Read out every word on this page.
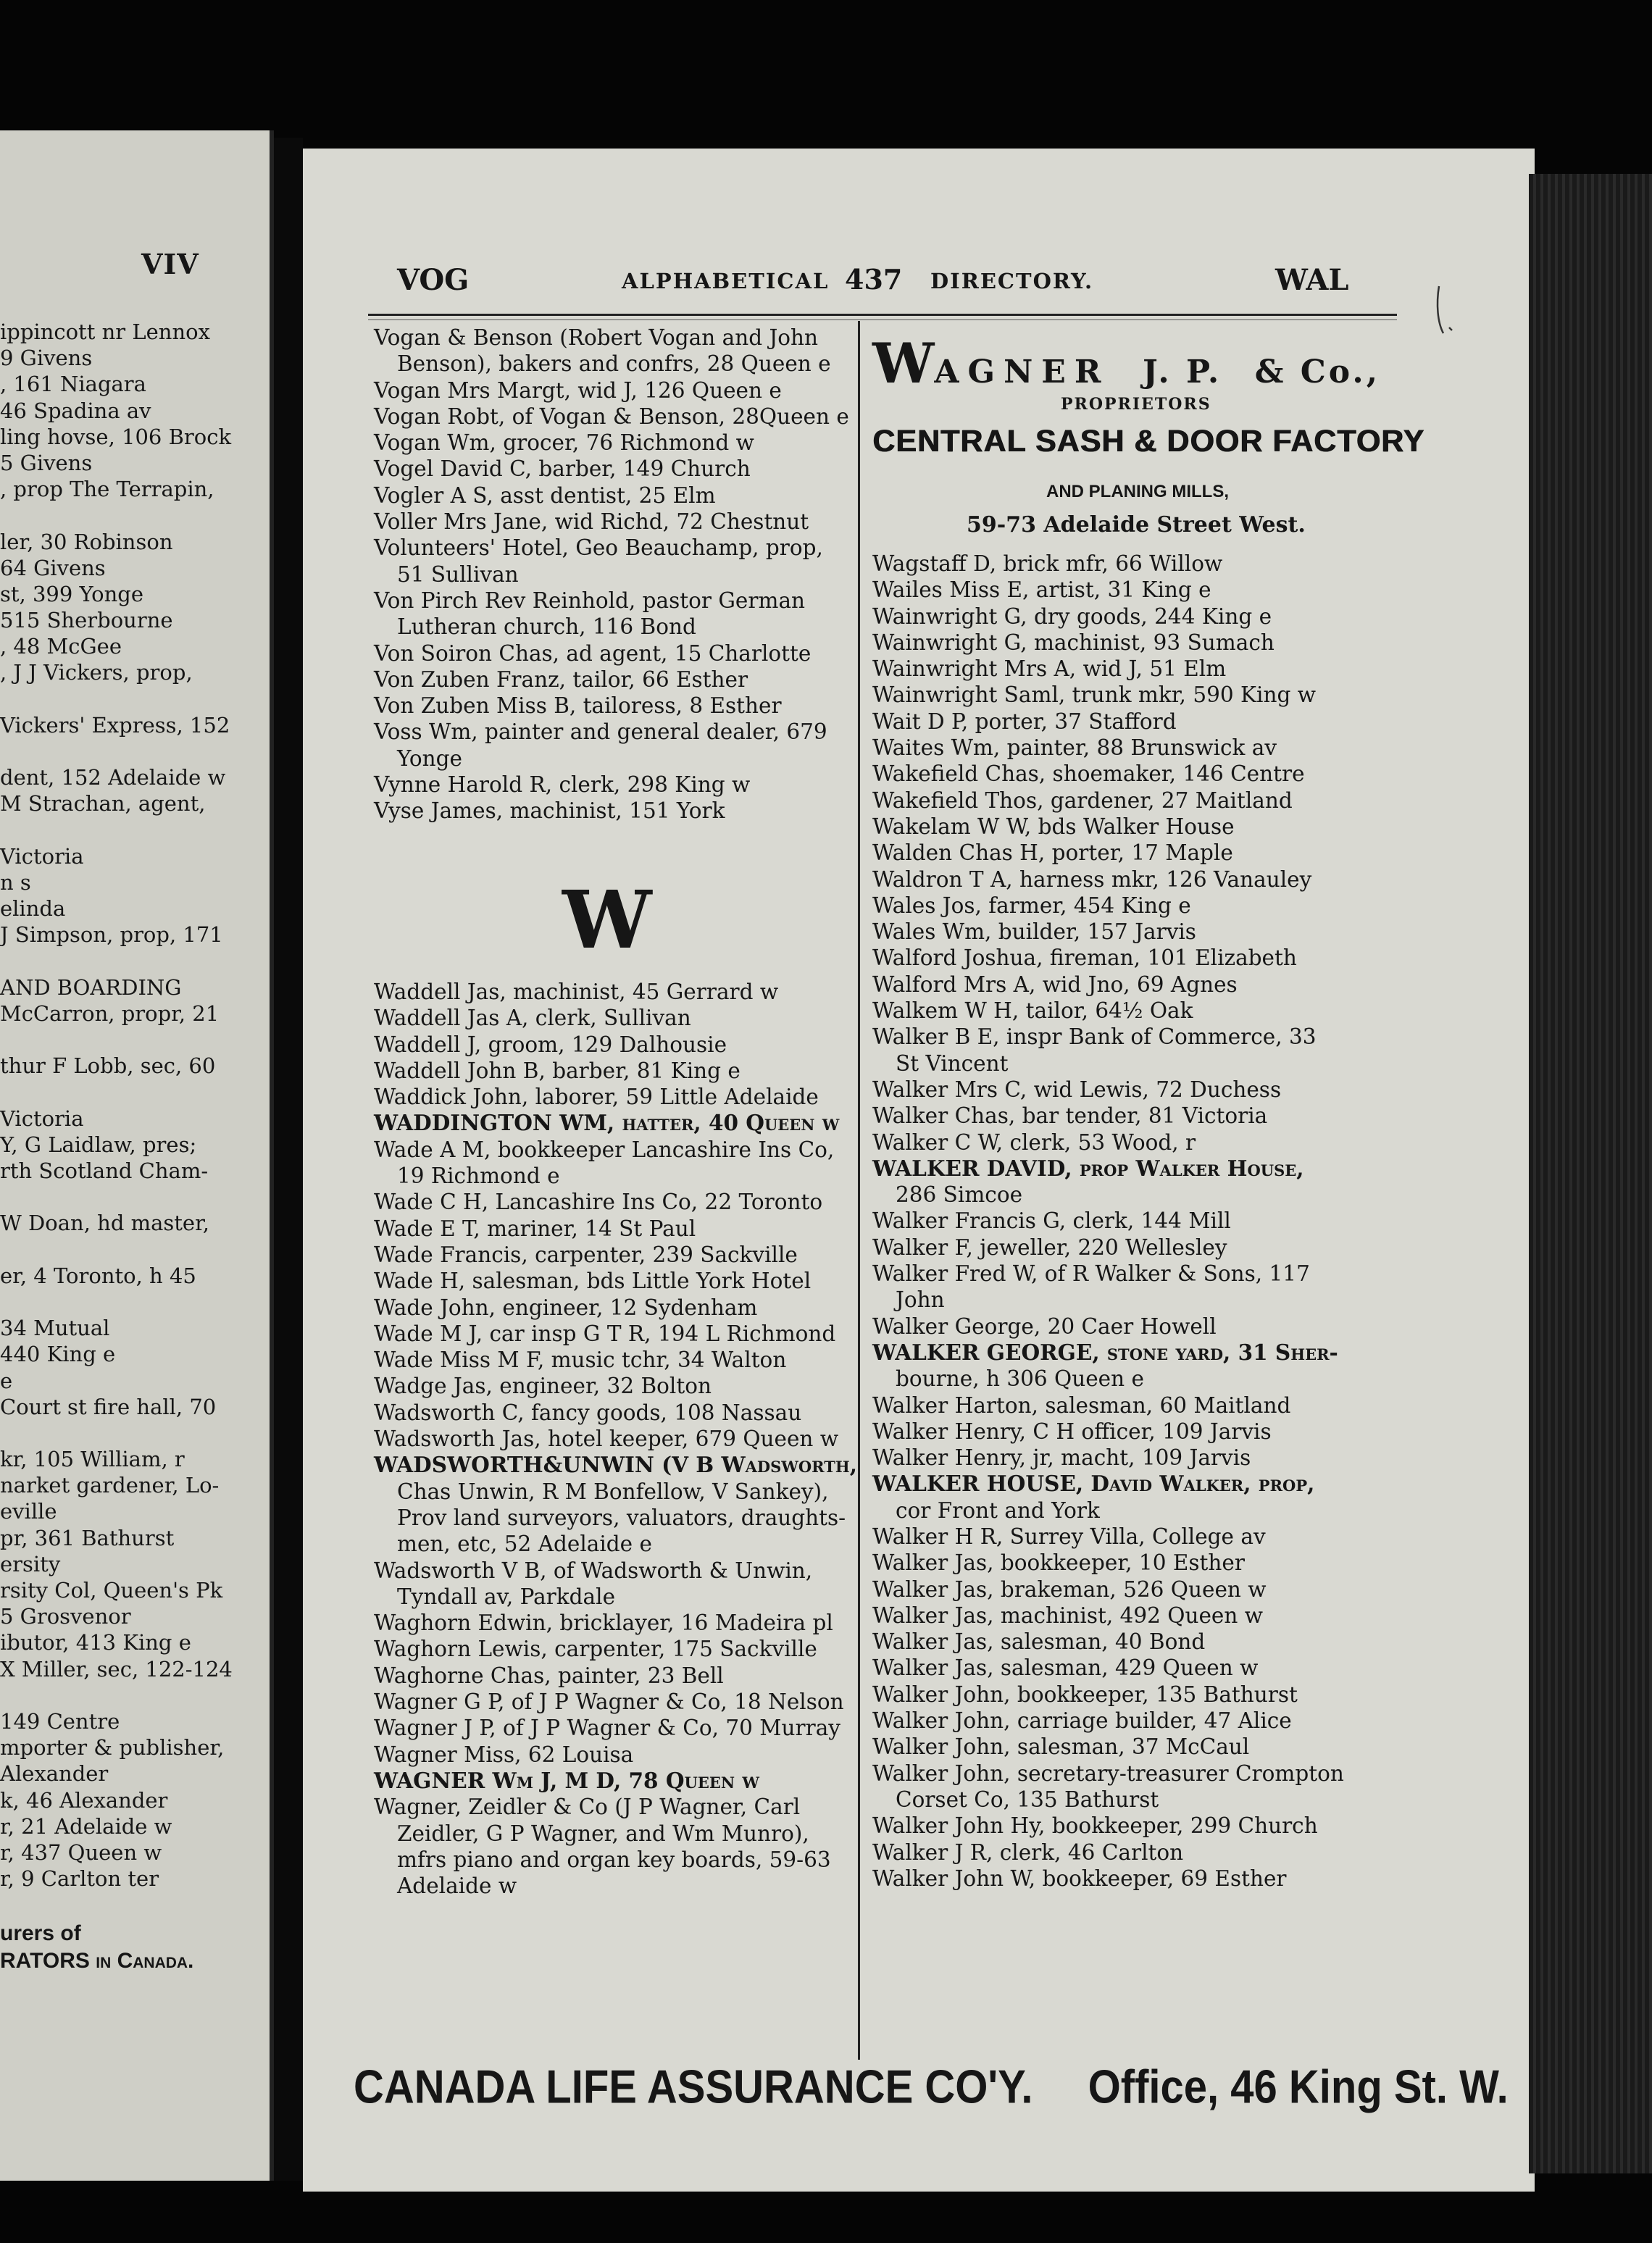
VIV
ippincott nr Lennox
9 Givens
, 161 Niagara
46 Spadina av
ling hovse, 106 Brock
5 Givens
, prop The Terrapin,
ler, 30 Robinson
64 Givens
st, 399 Yonge
515 Sherbourne
, 48 McGee
, J J Vickers, prop,
Vickers' Express, 152
dent, 152 Adelaide w
M Strachan, agent,
Victoria
n s
elinda
J Simpson, prop, 171
AND BOARDING
McCarron, propr, 21
thur F Lobb, sec, 60
Victoria
Y, G Laidlaw, pres;
rth Scotland Cham-
W Doan, hd master,
er, 4 Toronto, h 45
34 Mutual
440 King e
e
Court st fire hall, 70
kr, 105 William, r
narket gardener, Lo-
eville
pr, 361 Bathurst
ersity
rsity Col, Queen's Pk
5 Grosvenor
ibutor, 413 King e
X Miller, sec, 122-124
149 Centre
mporter & publisher,
Alexander
k, 46 Alexander
r, 21 Adelaide w
r, 437 Queen w
r, 9 Carlton ter
urers of
RATORS in Canada.
VOG	ALPHABETICAL 437 DIRECTORY.	WAL
Vogan & Benson (Robert Vogan and John
Benson), bakers and confrs, 28 Queen e
Vogan Mrs Margt, wid J, 126 Queen e
Vogan Robt, of Vogan & Benson, 28Queen e
Vogan Wm, grocer, 76 Richmond w
Vogel David C, barber, 149 Church
Vogler A S, asst dentist, 25 Elm
Voller Mrs Jane, wid Richd, 72 Chestnut
Volunteers' Hotel, Geo Beauchamp, prop,
51 Sullivan
Von Pirch Rev Reinhold, pastor German
Lutheran church, 116 Bond
Von Soiron Chas, ad agent, 15 Charlotte
Von Zuben Franz, tailor, 66 Esther
Von Zuben Miss B, tailoress, 8 Esther
Voss Wm, painter and general dealer, 679
Yonge
Vynne Harold R, clerk, 298 King w
Vyse James, machinist, 151 York
W
Waddell Jas, machinist, 45 Gerrard w
Waddell Jas A, clerk, Sullivan
Waddell J, groom, 129 Dalhousie
Waddell John B, barber, 81 King e
Waddick John, laborer, 59 Little Adelaide
WADDINGTON WM, hatter, 40 Queen w
Wade A M, bookkeeper Lancashire Ins Co,
19 Richmond e
Wade C H, Lancashire Ins Co, 22 Toronto
Wade E T, mariner, 14 St Paul
Wade Francis, carpenter, 239 Sackville
Wade H, salesman, bds Little York Hotel
Wade John, engineer, 12 Sydenham
Wade M J, car insp G T R, 194 L Richmond
Wade Miss M F, music tchr, 34 Walton
Wadge Jas, engineer, 32 Bolton
Wadsworth C, fancy goods, 108 Nassau
Wadsworth Jas, hotel keeper, 679 Queen w
WADSWORTH&UNWIN (V B Wadsworth,
Chas Unwin, R M Bonfellow, V Sankey),
Prov land surveyors, valuators, draughts-
men, etc, 52 Adelaide e
Wadsworth V B, of Wadsworth & Unwin,
Tyndall av, Parkdale
Waghorn Edwin, bricklayer, 16 Madeira pl
Waghorn Lewis, carpenter, 175 Sackville
Waghorne Chas, painter, 23 Bell
Wagner G P, of J P Wagner & Co, 18 Nelson
Wagner J P, of J P Wagner & Co, 70 Murray
Wagner Miss, 62 Louisa
WAGNER Wm J, M D, 78 Queen w
Wagner, Zeidler & Co (J P Wagner, Carl
Zeidler, G P Wagner, and Wm Munro),
mfrs piano and organ key boards, 59-63
Adelaide w
WAGNER J. P. & Co.,
PROPRIETORS
CENTRAL SASH & DOOR FACTORY
AND PLANING MILLS,
59-73 Adelaide Street West.
Wagstaff D, brick mfr, 66 Willow
Wailes Miss E, artist, 31 King e
Wainwright G, dry goods, 244 King e
Wainwright G, machinist, 93 Sumach
Wainwright Mrs A, wid J, 51 Elm
Wainwright Saml, trunk mkr, 590 King w
Wait D P, porter, 37 Stafford
Waites Wm, painter, 88 Brunswick av
Wakefield Chas, shoemaker, 146 Centre
Wakefield Thos, gardener, 27 Maitland
Wakelam W W, bds Walker House
Walden Chas H, porter, 17 Maple
Waldron T A, harness mkr, 126 Vanauley
Wales Jos, farmer, 454 King e
Wales Wm, builder, 157 Jarvis
Walford Joshua, fireman, 101 Elizabeth
Walford Mrs A, wid Jno, 69 Agnes
Walkem W H, tailor, 64½ Oak
Walker B E, inspr Bank of Commerce, 33
St Vincent
Walker Mrs C, wid Lewis, 72 Duchess
Walker Chas, bar tender, 81 Victoria
Walker C W, clerk, 53 Wood, r
WALKER DAVID, prop Walker House,
286 Simcoe
Walker Francis G, clerk, 144 Mill
Walker F, jeweller, 220 Wellesley
Walker Fred W, of R Walker & Sons, 117
John
Walker George, 20 Caer Howell
WALKER GEORGE, stone yard, 31 Sher-
bourne, h 306 Queen e
Walker Harton, salesman, 60 Maitland
Walker Henry, C H officer, 109 Jarvis
Walker Henry, jr, macht, 109 Jarvis
WALKER HOUSE, David Walker, prop,
cor Front and York
Walker H R, Surrey Villa, College av
Walker Jas, bookkeeper, 10 Esther
Walker Jas, brakeman, 526 Queen w
Walker Jas, machinist, 492 Queen w
Walker Jas, salesman, 40 Bond
Walker Jas, salesman, 429 Queen w
Walker John, bookkeeper, 135 Bathurst
Walker John, carriage builder, 47 Alice
Walker John, salesman, 37 McCaul
Walker John, secretary-treasurer Crompton
Corset Co, 135 Bathurst
Walker John Hy, bookkeeper, 299 Church
Walker J R, clerk, 46 Carlton
Walker John W, bookkeeper, 69 Esther
CANADA LIFE ASSURANCE CO'Y. Office, 46 King St. W.
